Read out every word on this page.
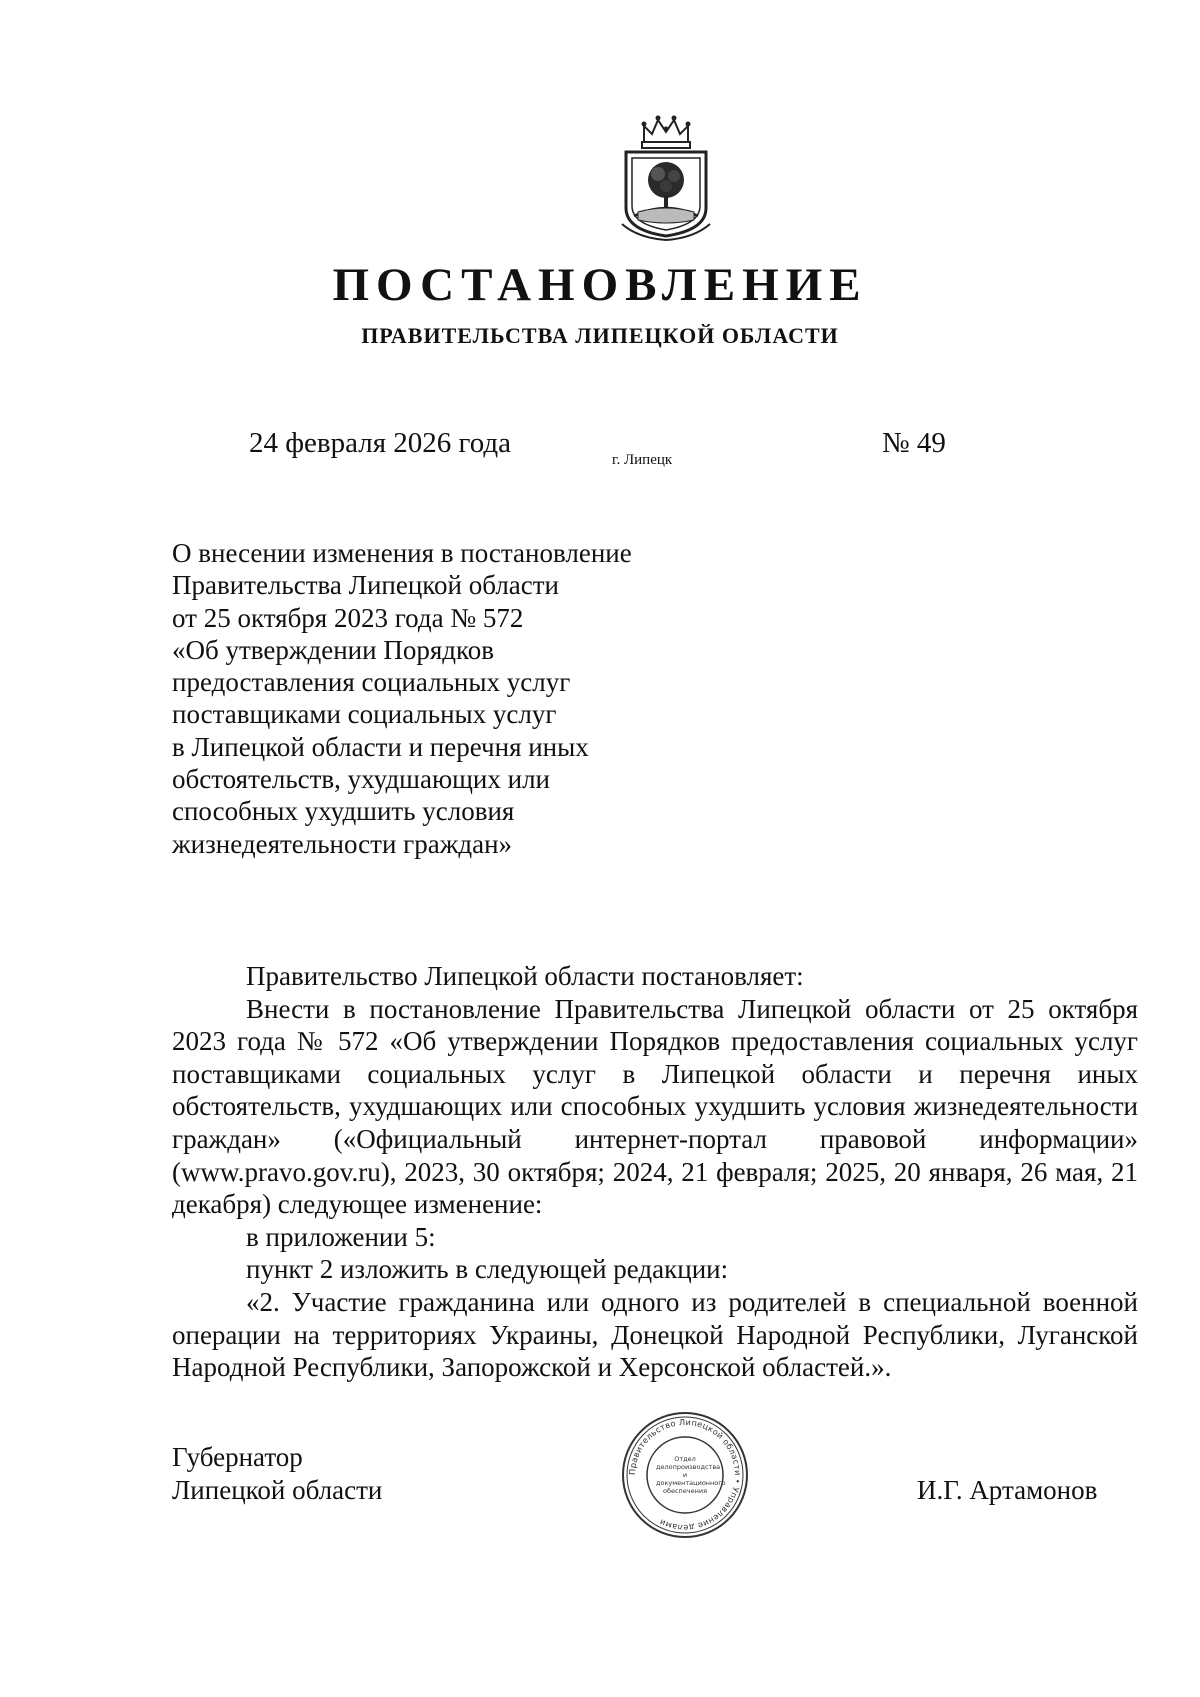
ПОСТАНОВЛЕНИЕ
ПРАВИТЕЛЬСТВА ЛИПЕЦКОЙ ОБЛАСТИ
24 февраля 2026 года
г. Липецк
№ 49
О внесении изменения в постановление
Правительства Липецкой области
от 25 октября 2023 года № 572
«Об утверждении Порядков
предоставления социальных услуг
поставщиками социальных услуг
в Липецкой области и перечня иных
обстоятельств, ухудшающих или
способных ухудшить условия
жизнедеятельности граждан»

Правительство Липецкой области постановляет:

Внести в постановление Правительства Липецкой области от 25 октября 2023 года № 572 «Об утверждении Порядков предоставления социальных услуг поставщиками социальных услуг в Липецкой области и перечня иных обстоятельств, ухудшающих или способных ухудшить условия жизнедеятельности граждан» («Официальный интернет-портал правовой информации» (www.pravo.gov.ru), 2023, 30 октября; 2024, 21 февраля; 2025, 20 января, 26 мая, 21 декабря) следующее изменение:

в приложении 5:

пункт 2 изложить в следующей редакции:

«2. Участие гражданина или одного из родителей в специальной военной операции на территориях Украины, Донецкой Народной Республики, Луганской Народной Республики, Запорожской и Херсонской областей.».

Губернатор
Липецкой области
Правительство Липецкой области • Управление делами
Отдел делопроизводства и документационного обеспечения	И.Г. Артамонов
